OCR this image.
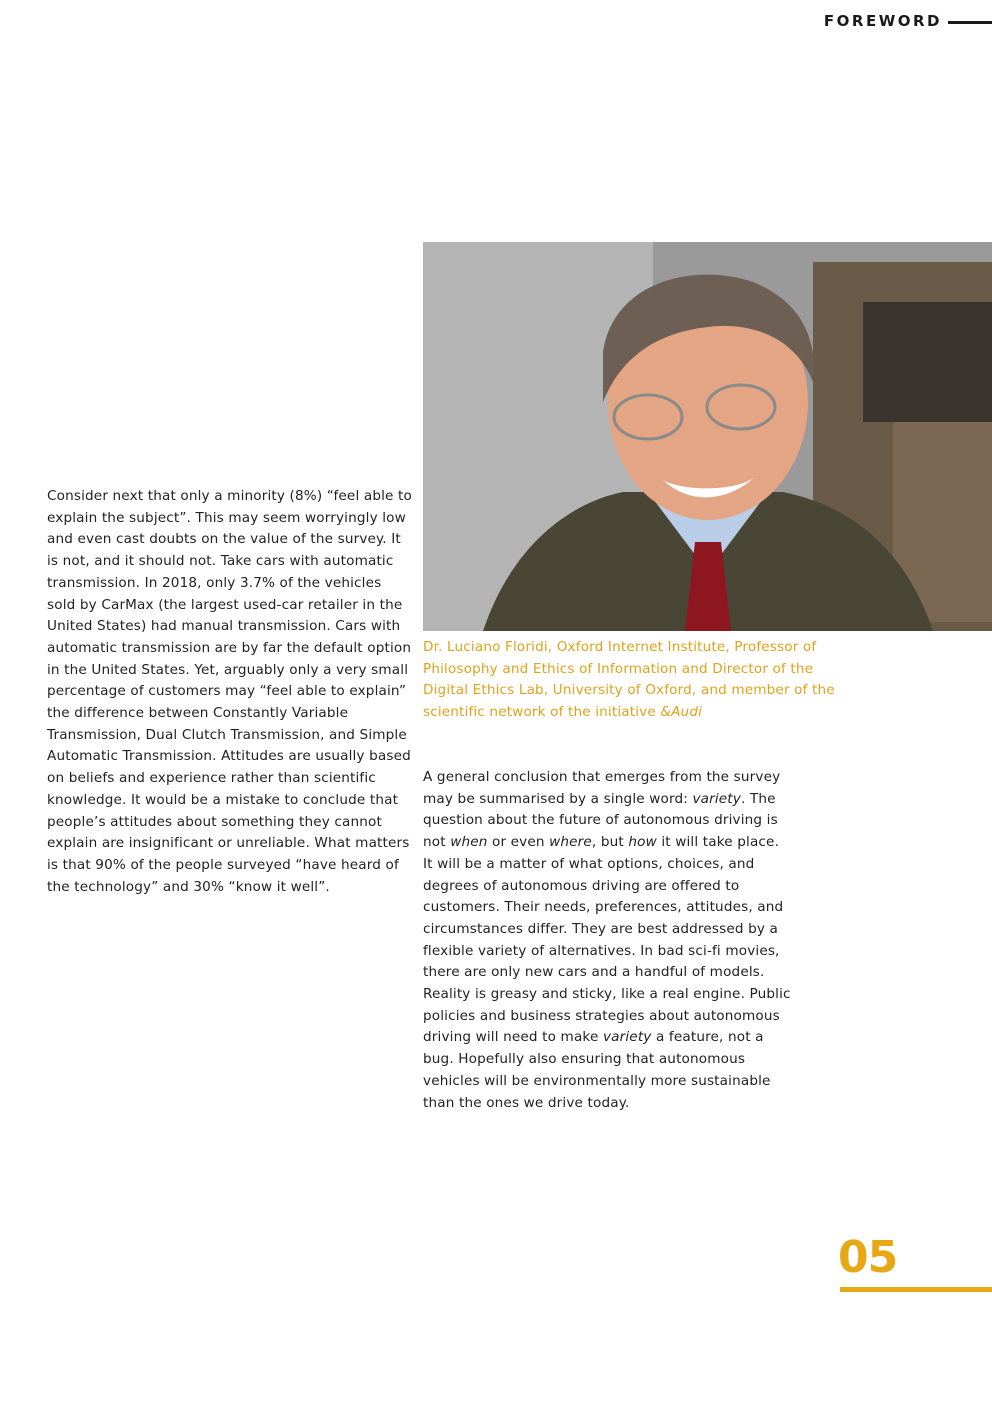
FOREWORD

Consider next that only a minority (8%) “feel able to explain the subject”. This may seem worryingly low and even cast doubts on the value of the survey. It is not, and it should not. Take cars with automatic transmission. In 2018, only 3.7% of the vehicles sold by CarMax (the largest used-car retailer in the United States) had manual transmission. Cars with automatic transmission are by far the default option in the United States. Yet, arguably only a very small percentage of customers may “feel able to explain” the difference between Constantly Variable Transmission, Dual Clutch Transmission, and Simple Automatic Transmission. Attitudes are usually based on beliefs and experience rather than scientific knowledge. It would be a mistake to conclude that people’s attitudes about something they cannot explain are insignificant or unreliable. What matters is that 90% of the people surveyed “have heard of the technology” and 30% “know it well”.

Dr. Luciano Floridi, Oxford Internet Institute, Professor of Philosophy and Ethics of Information and Director of the Digital Ethics Lab, University of Oxford, and member of the scientific network of the initiative &Audi

A general conclusion that emerges from the survey may be summarised by a single word: variety. The question about the future of autonomous driving is not when or even where, but how it will take place. It will be a matter of what options, choices, and degrees of autonomous driving are offered to customers. Their needs, preferences, attitudes, and circumstances differ. They are best addressed by a flexible variety of alternatives. In bad sci-fi movies, there are only new cars and a handful of models. Reality is greasy and sticky, like a real engine. Public policies and business strategies about autonomous driving will need to make variety a feature, not a bug. Hopefully also ensuring that autonomous vehicles will be environmentally more sustainable than the ones we drive today.

05
